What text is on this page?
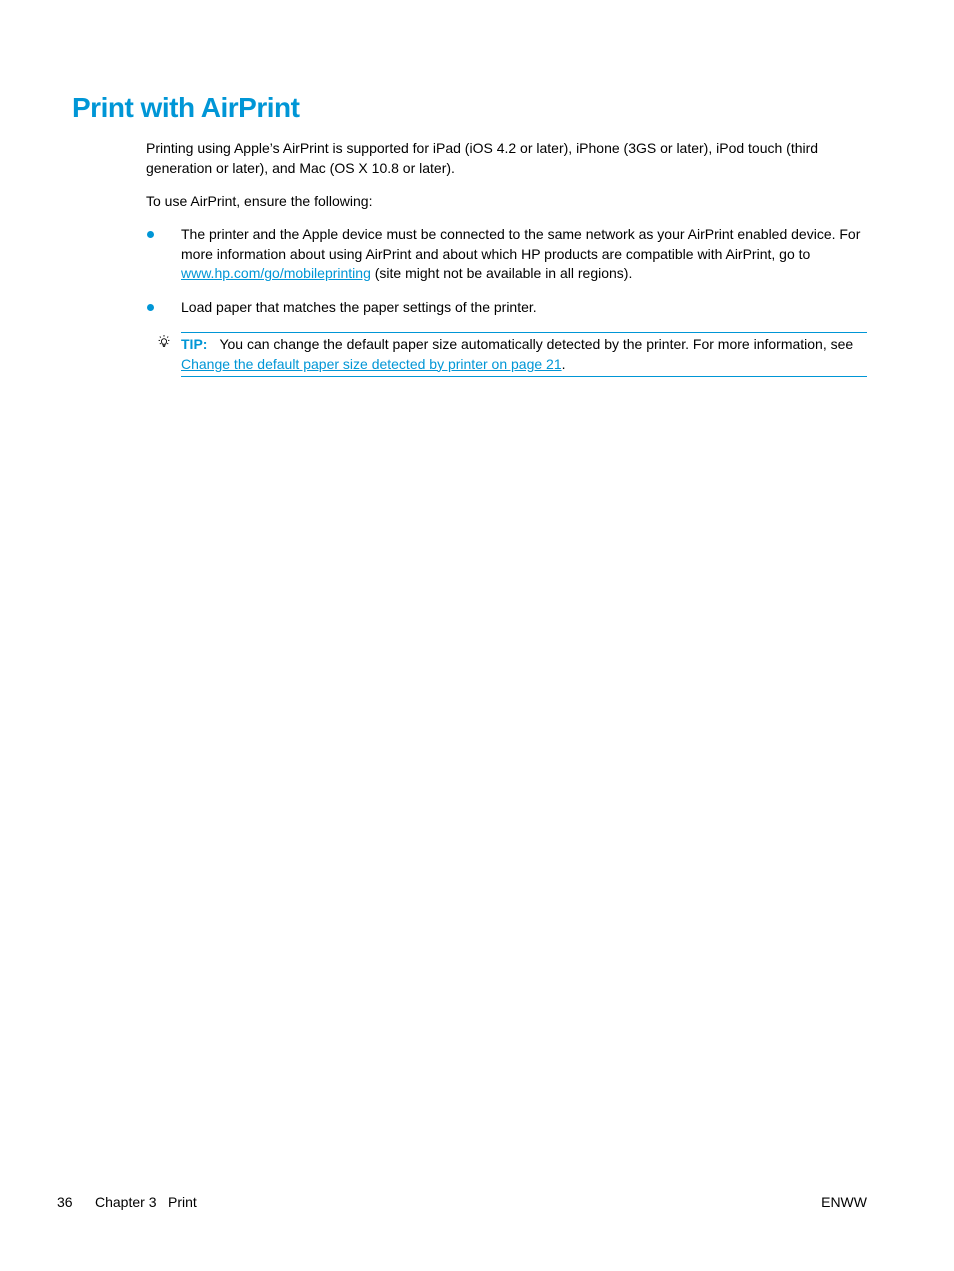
Print with AirPrint

Printing using Apple’s AirPrint is supported for iPad (iOS 4.2 or later), iPhone (3GS or later), iPod touch (third generation or later), and Mac (OS X 10.8 or later).

To use AirPrint, ensure the following:

The printer and the Apple device must be connected to the same network as your AirPrint enabled device. For more information about using AirPrint and about which HP products are compatible with AirPrint, go to www.hp.com/go/mobileprinting (site might not be available in all regions).
Load paper that matches the paper settings of the printer.
TIP: You can change the default paper size automatically detected by the printer. For more information, see Change the default paper size detected by printer on page 21.

36 Chapter 3 Print	ENWW
